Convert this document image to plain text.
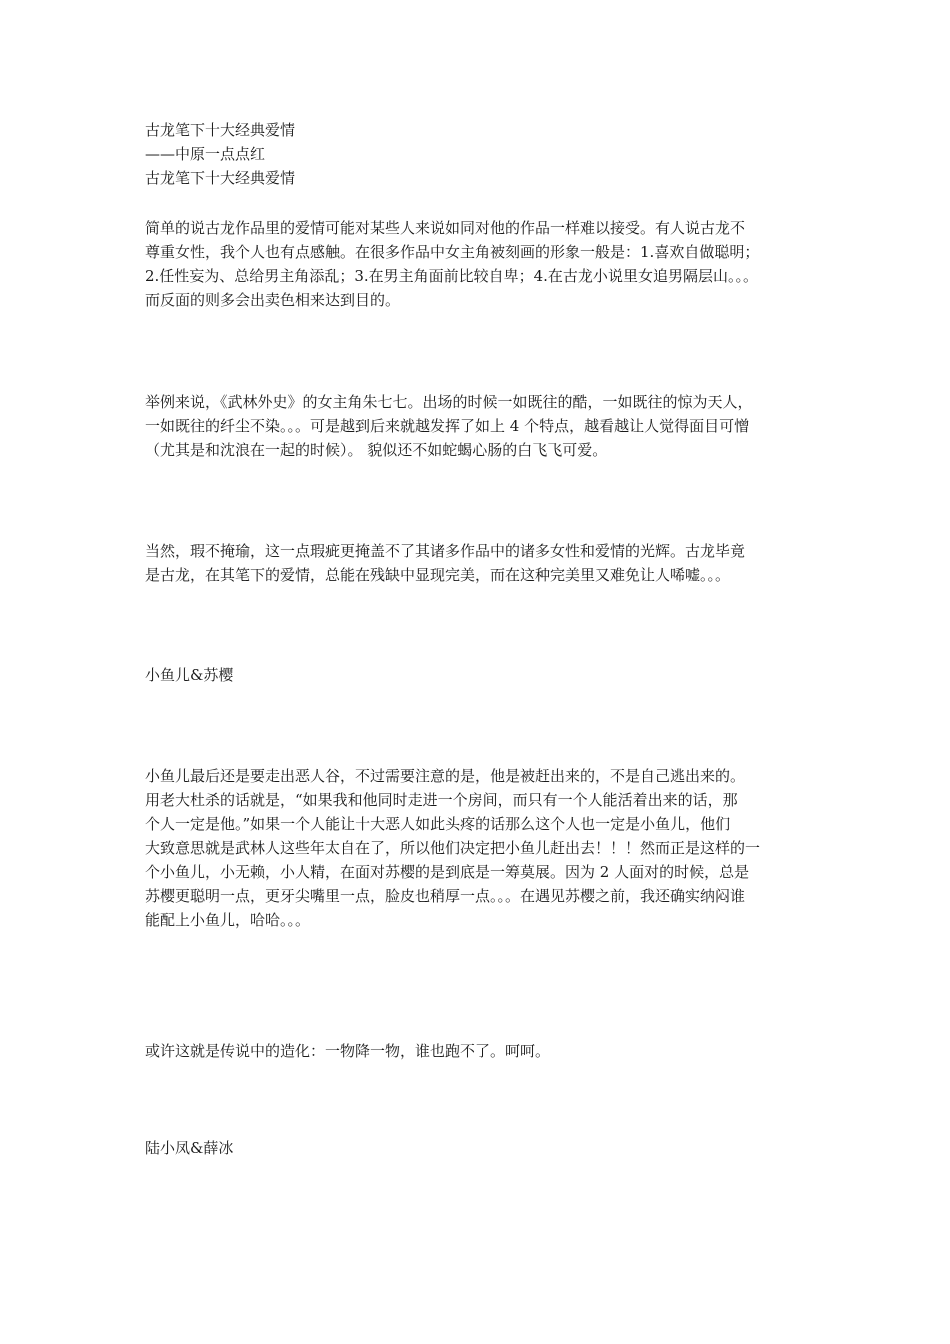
古龙笔下十大经典爱情
——中原一点点红
古龙笔下十大经典爱情
简单的说古龙作品里的爱情可能对某些人来说如同对他的作品一样难以接受。有人说古龙不
尊重女性，我个人也有点感触。在很多作品中女主角被刻画的形象一般是：1.喜欢自做聪明；
2.任性妄为、总给男主角添乱；3.在男主角面前比较自卑；4.在古龙小说里女追男隔层山。。。
而反面的则多会出卖色相来达到目的。
举例来说，《武林外史》的女主角朱七七。出场的时候一如既往的酷，一如既往的惊为天人，
一如既往的纤尘不染。。。可是越到后来就越发挥了如上 4 个特点，越看越让人觉得面目可憎
（尤其是和沈浪在一起的时候）。 貌似还不如蛇蝎心肠的白飞飞可爱。
当然，瑕不掩瑜，这一点瑕疵更掩盖不了其诸多作品中的诸多女性和爱情的光辉。古龙毕竟
是古龙，在其笔下的爱情，总能在残缺中显现完美，而在这种完美里又难免让人唏嘘。。。
小鱼儿&苏樱
小鱼儿最后还是要走出恶人谷，不过需要注意的是，他是被赶出来的，不是自己逃出来的。
用老大杜杀的话就是，“如果我和他同时走进一个房间，而只有一个人能活着出来的话，那
个人一定是他。”如果一个人能让十大恶人如此头疼的话那么这个人也一定是小鱼儿，他们
大致意思就是武林人这些年太自在了，所以他们决定把小鱼儿赶出去！！！然而正是这样的一
个小鱼儿，小无赖，小人精，在面对苏樱的是到底是一筹莫展。因为 2 人面对的时候，总是
苏樱更聪明一点，更牙尖嘴里一点，脸皮也稍厚一点。。。在遇见苏樱之前，我还确实纳闷谁
能配上小鱼儿，哈哈。。。
或许这就是传说中的造化：一物降一物，谁也跑不了。呵呵。
陆小凤&薛冰
